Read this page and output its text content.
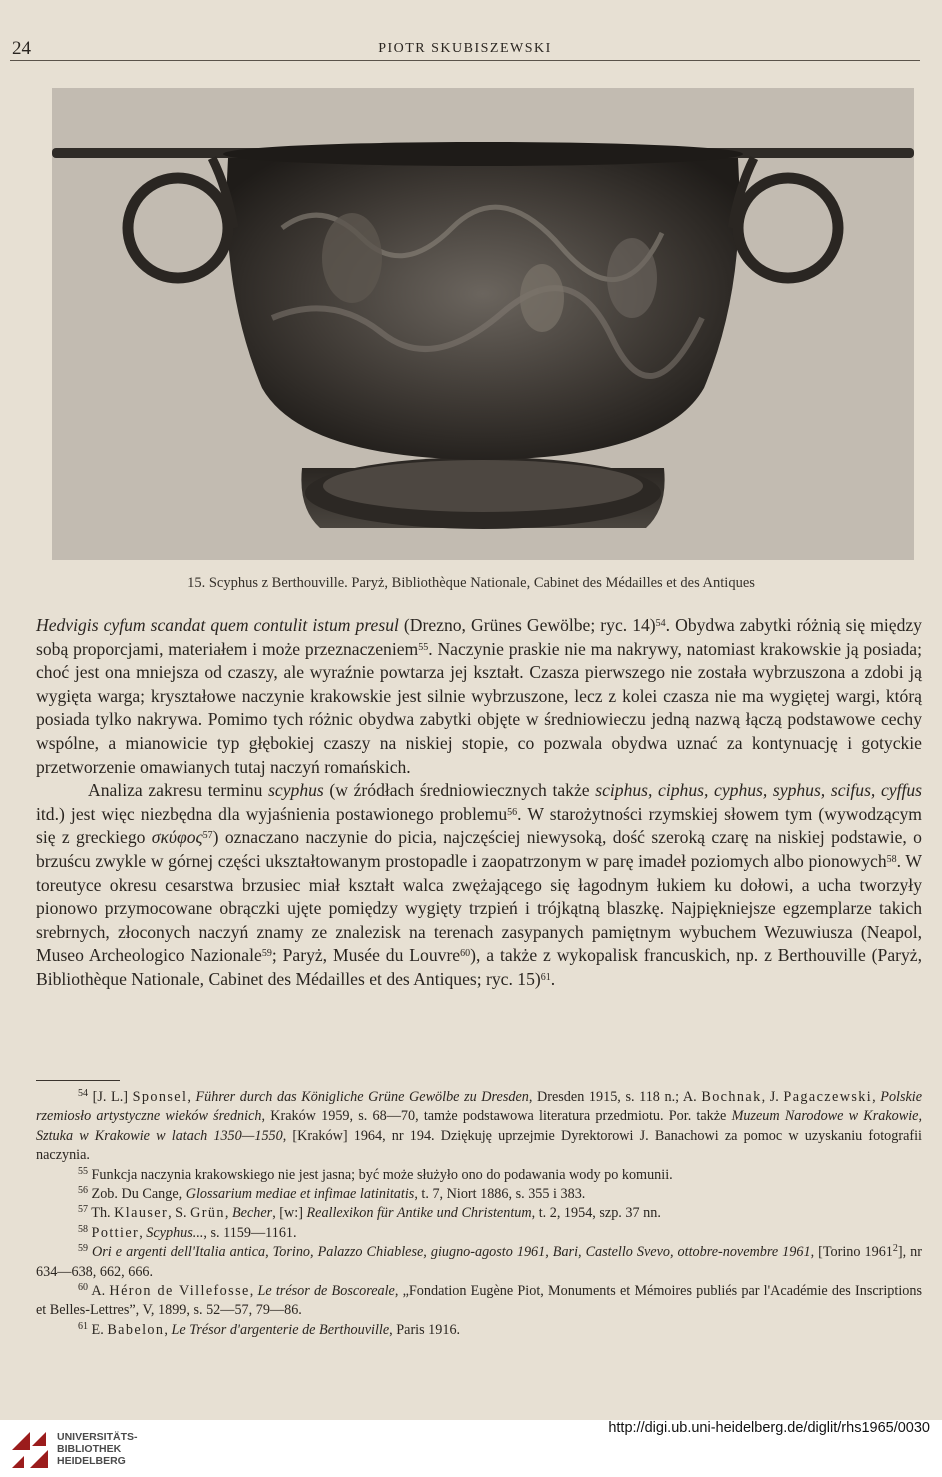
24	PIOTR SKUBISZEWSKI
15. Scyphus z Berthouville. Paryż, Bibliothèque Nationale, Cabinet des Médailles et des Antiques

Hedvigis cyfum scandat quem contulit istum presul (Drezno, Grünes Gewölbe; ryc. 14)$^{54}$. Obydwa zabytki różnią się między sobą proporcjami, materiałem i może przeznaczeniem$^{55}$. Naczynie praskie nie ma nakrywy, natomiast krakowskie ją posiada; choć jest ona mniejsza od czaszy, ale wyraźnie powtarza jej kształt. Czasza pierwszego nie została wybrzuszona a zdobi ją wygięta warga; kryształowe naczynie krakowskie jest silnie wybrzuszone, lecz z kolei czasza nie ma wygiętej wargi, którą posiada tylko nakrywa. Pomimo tych różnic obydwa zabytki objęte w średniowieczu jedną nazwą łączą podstawowe cechy wspólne, a mianowicie typ głębokiej czaszy na niskiej stopie, co pozwala obydwa uznać za kontynuację i gotyckie przetworzenie omawianych tutaj naczyń romańskich.

Analiza zakresu terminu scyphus (w źródłach średniowiecznych także sciphus, ciphus, cyphus, syphus, scifus, cyffus itd.) jest więc niezbędna dla wyjaśnienia postawionego problemu$^{56}$. W starożytności rzymskiej słowem tym (wywodzącym się z greckiego σκύφος$^{57}$) oznaczano naczynie do picia, najczęściej niewysoką, dość szeroką czarę na niskiej podstawie, o brzuścu zwykle w górnej części ukształtowanym prostopadle i zaopatrzonym w parę imadeł poziomych albo pionowych$^{58}$. W toreutyce okresu cesarstwa brzusiec miał kształt walca zwężającego się łagodnym łukiem ku dołowi, a ucha tworzyły pionowo przymocowane obrączki ujęte pomiędzy wygięty trzpień i trójkątną blaszkę. Najpiękniejsze egzemplarze takich srebrnych, złoconych naczyń znamy ze znalezisk na terenach zasypanych pamiętnym wybuchem Wezuwiusza (Neapol, Museo Archeologico Nazionale$^{59}$; Paryż, Musée du Louvre$^{60}$), a także z wykopalisk francuskich, np. z Berthouville (Paryż, Bibliothèque Nationale, Cabinet des Médailles et des Antiques; ryc. 15)$^{61}$.

$^{54}$ [J. L.] Sponsel, Führer durch das Königliche Grüne Gewölbe zu Dresden, Dresden 1915, s. 118 n.; A. Bochnak, J. Pagaczewski, Polskie rzemiosło artystyczne wieków średnich, Kraków 1959, s. 68—70, tamże podstawowa literatura przedmiotu. Por. także Muzeum Narodowe w Krakowie, Sztuka w Krakowie w latach 1350—1550, [Kraków] 1964, nr 194. Dziękuję uprzejmie Dyrektorowi J. Banachowi za pomoc w uzyskaniu fotografii naczynia.

$^{55}$ Funkcja naczynia krakowskiego nie jest jasna; być może służyło ono do podawania wody po komunii.

$^{56}$ Zob. Du Cange, Glossarium mediae et infimae latinitatis, t. 7, Niort 1886, s. 355 i 383.

$^{57}$ Th. Klauser, S. Grün, Becher, [w:] Reallexikon für Antike und Christentum, t. 2, 1954, szp. 37 nn.

$^{58}$ Pottier, Scyphus..., s. 1159—1161.

$^{59}$ Ori e argenti dell'Italia antica, Torino, Palazzo Chiablese, giugno-agosto 1961, Bari, Castello Svevo, ottobre-novembre 1961, [Torino 1961$^2$], nr 634—638, 662, 666.

$^{60}$ A. Héron de Villefosse, Le trésor de Boscoreale, „Fondation Eugène Piot, Monuments et Mémoires publiés par l'Académie des Inscriptions et Belles-Lettres”, V, 1899, s. 52—57, 79—86.

$^{61}$ E. Babelon, Le Trésor d'argenterie de Berthouville, Paris 1916.

UNIVERSITÄTS-
BIBLIOTHEK
HEIDELBERG
http://digi.ub.uni-heidelberg.de/diglit/rhs1965/0030
